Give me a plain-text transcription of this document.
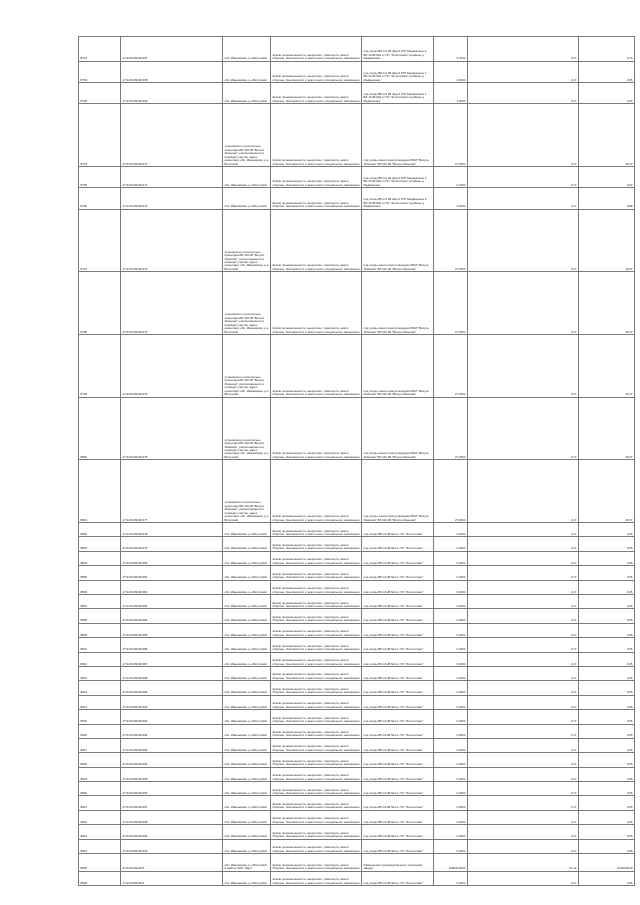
8791	27:02:0109418:367	обл. Ивановская, р-н Вичугский	Земли промышленности, энергетики, транспорта, земли обороны, безопасности и земли иного специального назначения	под опоры ВЛ-0,4 кВ фид.3 КТП Медвежонок 2 ВЛ-10 кВ №9 от ПС "Золотилово" в районе д. Медвежонок	5,1004	0,17	0,74
8793	27:02:0109418:368	обл. Ивановская, р-н Вичугский	Земли промышленности, энергетики, транспорта, земли обороны, безопасности и земли иного специального назначения	под опоры ВЛ-0,4 кВ фид.3 КТП Медвежонок 1 ВЛ-10 кВ №9 от ПС "Золотилово" в районе д. Медвежонок	2,0004	0,17	0,65
8795	27:02:0109418:369	обл. Ивановская, р-н Вичугский	Земли промышленности, энергетики, транспорта, земли обороны, безопасности и земли иного специального назначения	под опоры ВЛ-0,4 кВ фид.3 КТП Медвежонок 1 ВЛ-10 кВ №9 от ПС "Золотилово" в районе д. Медвежонок	4,0004	0,17	4,94
8794	27:02:0109418:370	установлено относительно ориентира ВЛ-110 кВ "Вичуга-Лемешки", расположенного в границах участка. адрес ориентира: обл. Ивановская, р-н Вичугский	Земли промышленности, энергетики, транспорта, земли обороны, безопасности и земли иного специального назначения	под опоры линии электропередачи ВОЛ "Вичуга-Лемешки" ВЛ-110 кВ "Вичуга-Лемешки"	27,0004	0,17	18,37
8795	27:02:0109418:371	обл. Ивановская, р-н Вичугский	Земли промышленности, энергетики, транспорта, земли обороны, безопасности и земли иного специального назначения	под опоры ВЛ-0,4 кВ фид.3 КТП Медвежонок 2 ВЛ-10 кВ №9 от ПС "Золотилово" в районе д. Медвежонок	0,1004	0,17	0,02
8796	27:02:0109418:372	обл. Ивановская, р-н Вичугский	Земли промышленности, энергетики, транспорта, земли обороны, безопасности и земли иного специального назначения	под опоры ВЛ-0,4 кВ фид.3 КТП Медвежонок 2 ВЛ-10 кВ №9 от ПС "Золотилово" в районе д. Медвежонок	2,2004	0,17	0,88
8797	27:02:0109418:373	установлено относительно ориентира ВЛ-110 кВ "Вичуга-Лемешки", расположенного в границах участка. адрес ориентира: обл. Ивановская, р-н Вичугский	Земли промышленности, энергетики, транспорта, земли обороны, безопасности и земли иного специального назначения	под опоры линии электропередачи ВОЛ "Вичуга-Лемешки" ВЛ-110 кВ "Вичуга-Лемешки"	27,0004	0,17	18,37
8798	27:02:0109418:374	установлено относительно ориентира ВЛ-110 кВ "Вичуга-Лемешки", расположенного в границах участка. адрес ориентира: обл. Ивановская, р-н Вичугский	Земли промышленности, энергетики, транспорта, земли обороны, безопасности и земли иного специального назначения	под опоры линии электропередачи ВОЛ "Вичуга-Лемешки" ВЛ-110 кВ "Вичуга-Лемешки"	27,0004	0,17	18,37
8799	27:02:0109418:375	установлено относительно ориентира ВЛ-110 кВ "Вичуга-Лемешки", расположенного в границах участка. адрес ориентира: обл. Ивановская, р-н Вичугский	Земли промышленности, энергетики, транспорта, земли обороны, безопасности и земли иного специального назначения	под опоры линии электропередачи ВОЛ "Вичуга-Лемешки" ВЛ-110 кВ "Вичуга-Лемешки"	27,0004	0,17	15,37
8800	27:02:0109418:376	установлено относительно ориентира ВЛ-110 кВ "Вичуга-Лемешки", расположенного в границах участка. адрес ориентира: обл. Ивановская, р-н Вичугский	Земли промышленности, энергетики, транспорта, земли обороны, безопасности и земли иного специального назначения	под опоры линии электропередачи ВОЛ "Вичуга-Лемешки" ВЛ-110 кВ "Вичуга-Лемешки"	27,0004	0,17	18,37
8801	27:02:0109418:377	установлено относительно ориентира ВЛ-110 кВ "Вичуга-Лемешки", расположенного в границах участка. адрес ориентира: обл. Ивановская, р-н Вичугский	Земли промышленности, энергетики, транспорта, земли обороны, безопасности и земли иного специального назначения	под опоры линии электропередачи ВОЛ "Вичуга-Лемешки" ВЛ-110 кВ "Вичуга-Лемешки"	27,0004	0,17	18,37
8802	27:02:0109418:378	обл. Ивановская, р-н Вичугский	Земли промышленности, энергетики, транспорта, земли обороны, безопасности и земли иного специального назначения	под опоры ВЛ-10 кВ №4 от ПС "Золотилово"	0,0004	0,17	0,05
8803	27:02:0109418:379	обл. Ивановская, р-н Вичугский	Земли промышленности, энергетики, транспорта, земли обороны, безопасности и земли иного специального назначения	под опоры ВЛ-10 кВ №4 от ПС "Золотилово"	0,0004	0,17	0,05
8804	27:02:0109418:380	обл. Ивановская, р-н Вичугский	Земли промышленности, энергетики, транспорта, земли обороны, безопасности и земли иного специального назначения	под опоры ВЛ-10 кВ №4 от ПС "Золотилово"	0,0004	0,17	0,05
8805	27:02:0109418:381	обл. Ивановская, р-н Вичугский	Земли промышленности, энергетики, транспорта, земли обороны, безопасности и земли иного специального назначения	под опоры ВЛ-10 кВ №4 от ПС "Золотилово"	0,0004	0,17	0,05
8806	27:02:0109418:382	обл. Ивановская, р-н Вичугский	Земли промышленности, энергетики, транспорта, земли обороны, безопасности и земли иного специального назначения	под опоры ВЛ-10 кВ №4 от ПС "Золотилово"	0,0004	0,17	0,05
8807	27:02:0109418:383	обл. Ивановская, р-н Вичугский	Земли промышленности, энергетики, транспорта, земли обороны, безопасности и земли иного специального назначения	под опоры ВЛ-10 кВ №4 от ПС "Золотилово"	0,0004	0,17	0,05
8808	27:02:0109418:384	обл. Ивановская, р-н Вичугский	Земли промышленности, энергетики, транспорта, земли обороны, безопасности и земли иного специального назначения	под опоры ВЛ-10 кВ №4 от ПС "Золотилово"	0,0004	0,17	0,05
8809	27:02:0109418:385	обл. Ивановская, р-н Вичугский	Земли промышленности, энергетики, транспорта, земли обороны, безопасности и земли иного специального назначения	под опоры ВЛ-10 кВ №4 от ПС "Золотилово"	0,0004	0,17	0,05
8810	27:02:0109418:386	обл. Ивановская, р-н Вичугский	Земли промышленности, энергетики, транспорта, земли обороны, безопасности и земли иного специального назначения	под опоры ВЛ-10 кВ №4 от ПС "Золотилово"	0,0004	0,17	0,05
8811	27:02:0109418:387	обл. Ивановская, р-н Вичугский	Земли промышленности, энергетики, транспорта, земли обороны, безопасности и земли иного специального назначения	под опоры ВЛ-10 кВ №4 от ПС "Золотилово"	0,0004	0,17	0,05
8812	27:02:0109418:388	обл. Ивановская, р-н Вичугский	Земли промышленности, энергетики, транспорта, земли обороны, безопасности и земли иного специального назначения	под опоры ВЛ-10 кВ №4 от ПС "Золотилово"	0,0004	0,17	0,05
8813	27:02:0109418:389	обл. Ивановская, р-н Вичугский	Земли промышленности, энергетики, транспорта, земли обороны, безопасности и земли иного специального назначения	под опоры ВЛ-10 кВ №4 от ПС "Золотилово"	0,0004	0,17	0,05
8814	27:02:0109418:390	обл. Ивановская, р-н Вичугский	Земли промышленности, энергетики, транспорта, земли обороны, безопасности и земли иного специального назначения	под опоры ВЛ-10 кВ №4 от ПС "Золотилово"	0,0004	0,17	0,05
8815	27:02:0109418:391	обл. Ивановская, р-н Вичугский	Земли промышленности, энергетики, транспорта, земли обороны, безопасности и земли иного специального назначения	под опоры ВЛ-10 кВ №4 от ПС "Золотилово"	0,0004	0,17	0,05
8816	27:02:0109418:392	обл. Ивановская, р-н Вичугский	Земли промышленности, энергетики, транспорта, земли обороны, безопасности и земли иного специального назначения	под опоры ВЛ-10 кВ №4 от ПС "Золотилово"	0,0004	0,17	0,05
8817	27:02:0109418:393	обл. Ивановская, р-н Вичугский	Земли промышленности, энергетики, транспорта, земли обороны, безопасности и земли иного специального назначения	под опоры ВЛ-10 кВ №4 от ПС "Золотилово"	0,0004	0,17	0,05
8818	27:02:0109418:394	обл. Ивановская, р-н Вичугский	Земли промышленности, энергетики, транспорта, земли обороны, безопасности и земли иного специального назначения	под опоры ВЛ-10 кВ №4 от ПС "Золотилово"	0,0004	0,17	0,05
8819	27:02:0109418:395	обл. Ивановская, р-н Вичугский	Земли промышленности, энергетики, транспорта, земли обороны, безопасности и земли иного специального назначения	под опоры ВЛ-10 кВ №4 от ПС "Золотилово"	0,0004	0,17	0,05
8820	27:02:0109418:396	обл. Ивановская, р-н Вичугский	Земли промышленности, энергетики, транспорта, земли обороны, безопасности и земли иного специального назначения	под опоры ВЛ-10 кВ №4 от ПС "Золотилово"	0,0004	0,17	0,05
8821	27:02:0109418:397	обл. Ивановская, р-н Вичугский	Земли промышленности, энергетики, транспорта, земли обороны, безопасности и земли иного специального назначения	под опоры ВЛ-10 кВ №4 от ПС "Золотилово"	0,0004	0,17	0,05
8822	27:02:0109418:398	обл. Ивановская, р-н Вичугский	Земли промышленности, энергетики, транспорта, земли обороны, безопасности и земли иного специального назначения	под опоры ВЛ-10 кВ №4 от ПС "Золотилово"	0,0004	0,17	0,05
8823	27:02:0109418:399	обл. Ивановская, р-н Вичугский	Земли промышленности, энергетики, транспорта, земли обороны, безопасности и земли иного специального назначения	под опоры ВЛ-10 кВ №4 от ПС "Золотилово"	0,0004	0,17	0,05
8824	27:02:0109418:400	обл. Ивановская, р-н Вичугский	Земли промышленности, энергетики, транспорта, земли обороны, безопасности и земли иного специального назначения	под опоры ВЛ-10 кВ №4 от ПС "Золотилово"	0,0004	0,17	0,05
8825	27:02:0109418:5	обл. Ивановская, р-н Вичугский, в районе ЗАО "Заря"	Земли промышленности, энергетики, транспорта, земли обороны, безопасности и земли иного специального назначения	Размещение производственного комплекса завода	100000,0002	51,42	5142008,00
8826	27:02:0109418:6	обл. Ивановская, р-н Вичугский	Земли промышленности, энергетики, транспорта, земли обороны, безопасности и земли иного специального назначения	под опоры ВЛ-10 кВ №4 от ПС "Золотилово"	0,0004	0,17	0,05
